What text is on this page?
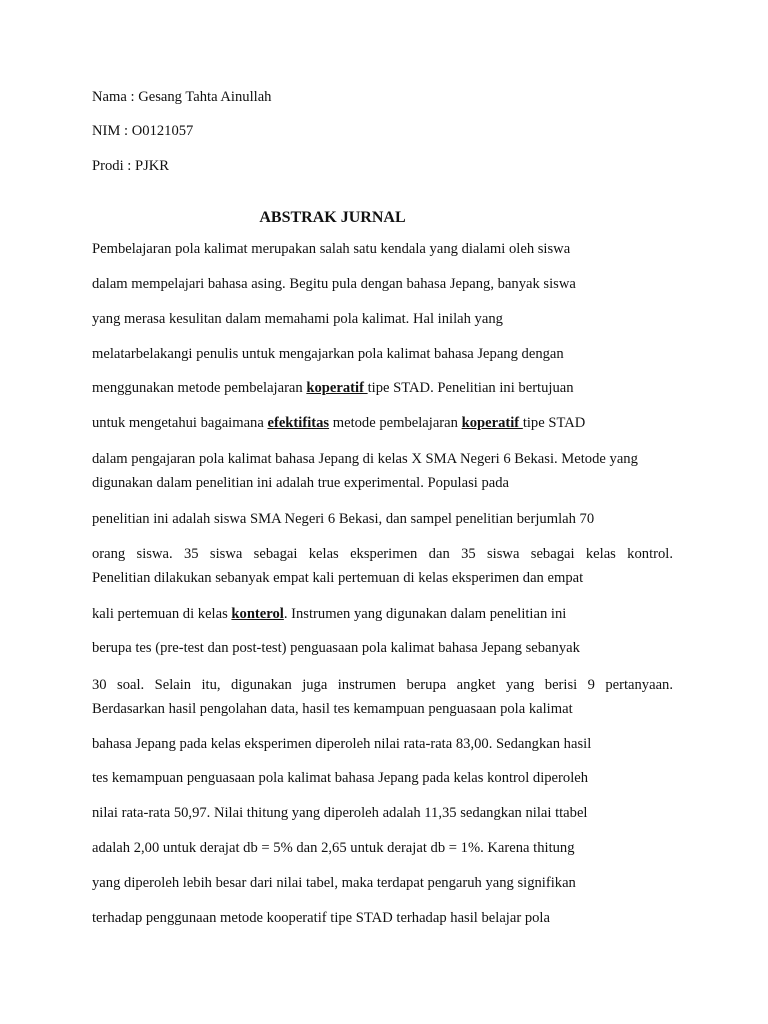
Nama : Gesang Tahta Ainullah
NIM : O0121057
Prodi : PJKR
ABSTRAK JURNAL
Pembelajaran pola kalimat merupakan salah satu kendala yang dialami oleh siswa
dalam mempelajari bahasa asing. Begitu pula dengan bahasa Jepang, banyak siswa
yang merasa kesulitan dalam memahami pola kalimat. Hal inilah yang
melatarbelakangi penulis untuk mengajarkan pola kalimat bahasa Jepang dengan
menggunakan metode pembelajaran koperatif tipe STAD. Penelitian ini bertujuan
untuk mengetahui bagaimana efektifitas metode pembelajaran koperatif tipe STAD
dalam pengajaran pola kalimat bahasa Jepang di kelas X SMA Negeri 6 Bekasi. Metode yang
digunakan dalam penelitian ini adalah true experimental. Populasi pada
penelitian ini adalah siswa SMA Negeri 6 Bekasi, dan sampel penelitian berjumlah 70
orang siswa. 35 siswa sebagai kelas eksperimen dan 35 siswa sebagai kelas kontrol.
Penelitian dilakukan sebanyak empat kali pertemuan di kelas eksperimen dan empat
kali pertemuan di kelas konterol. Instrumen yang digunakan dalam penelitian ini
berupa tes (pre-test dan post-test) penguasaan pola kalimat bahasa Jepang sebanyak
30 soal. Selain itu, digunakan juga instrumen berupa angket yang berisi 9 pertanyaan.
Berdasarkan hasil pengolahan data, hasil tes kemampuan penguasaan pola kalimat
bahasa Jepang pada kelas eksperimen diperoleh nilai rata-rata 83,00. Sedangkan hasil
tes kemampuan penguasaan pola kalimat bahasa Jepang pada kelas kontrol diperoleh
nilai rata-rata 50,97. Nilai thitung yang diperoleh adalah 11,35 sedangkan nilai ttabel
adalah 2,00 untuk derajat db = 5% dan 2,65 untuk derajat db = 1%. Karena thitung
yang diperoleh lebih besar dari nilai tabel, maka terdapat pengaruh yang signifikan
terhadap penggunaan metode kooperatif tipe STAD terhadap hasil belajar pola
